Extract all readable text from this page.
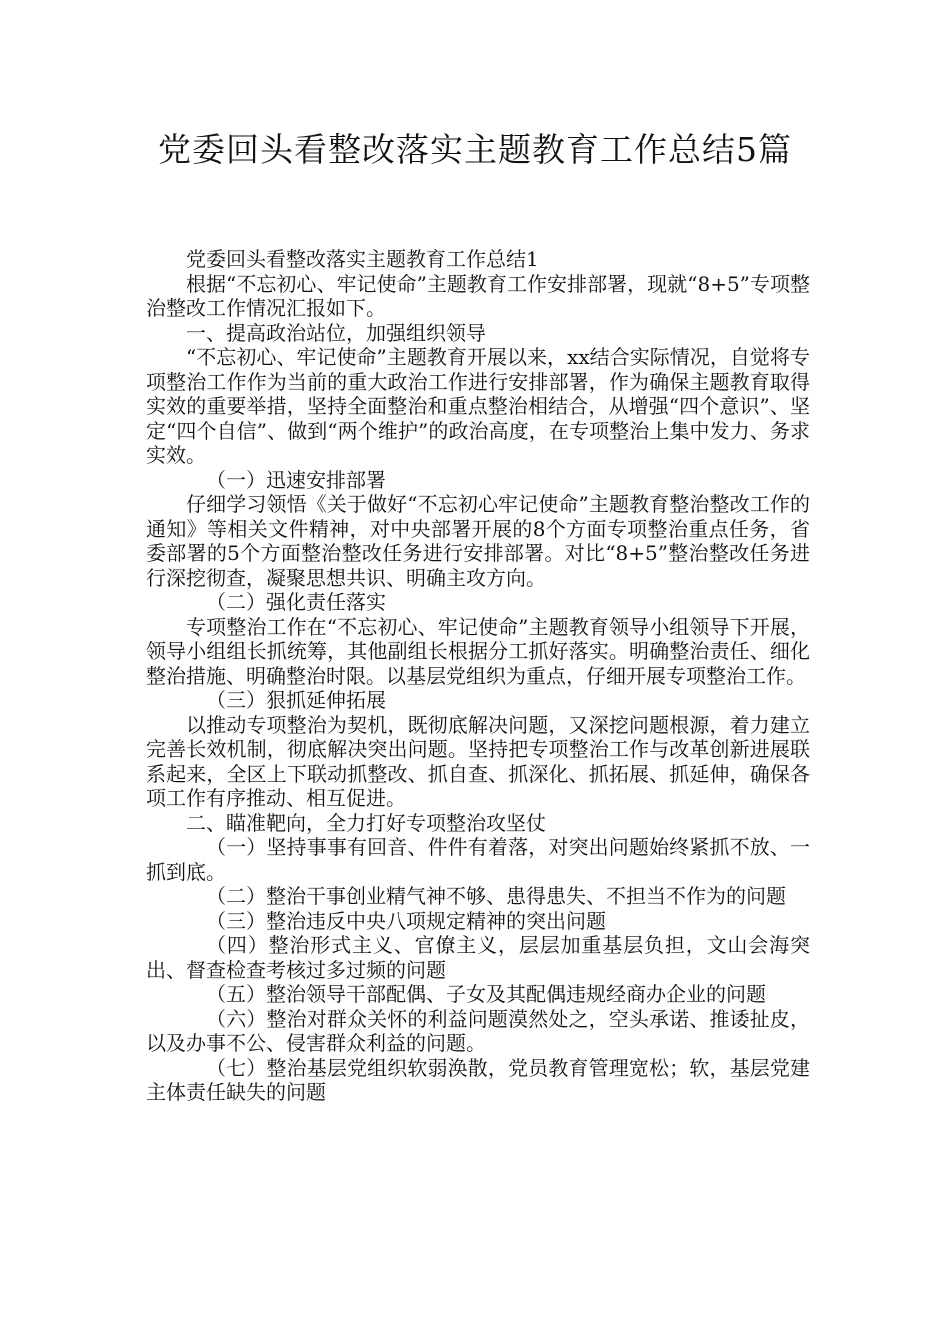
党委回头看整改落实主题教育工作总结5篇

党委回头看整改落实主题教育工作总结1

根据“不忘初心、牢记使命”主题教育工作安排部署，现就“8+5”专项整治整改工作情况汇报如下。

一、提高政治站位，加强组织领导

“不忘初心、牢记使命”主题教育开展以来，xx结合实际情况，自觉将专项整治工作作为当前的重大政治工作进行安排部署，作为确保主题教育取得实效的重要举措，坚持全面整治和重点整治相结合，从增强“四个意识”、坚定“四个自信”、做到“两个维护”的政治高度，在专项整治上集中发力、务求实效。

（一）迅速安排部署

仔细学习领悟《关于做好“不忘初心牢记使命”主题教育整治整改工作的通知》等相关文件精神，对中央部署开展的8个方面专项整治重点任务，省委部署的5个方面整治整改任务进行安排部署。对比“8+5”整治整改任务进行深挖彻查，凝聚思想共识、明确主攻方向。

（二）强化责任落实

专项整治工作在“不忘初心、牢记使命”主题教育领导小组领导下开展，领导小组组长抓统筹，其他副组长根据分工抓好落实。明确整治责任、细化整治措施、明确整治时限。以基层党组织为重点，仔细开展专项整治工作。

（三）狠抓延伸拓展

以推动专项整治为契机，既彻底解决问题，又深挖问题根源，着力建立完善长效机制，彻底解决突出问题。坚持把专项整治工作与改革创新进展联系起来，全区上下联动抓整改、抓自查、抓深化、抓拓展、抓延伸，确保各项工作有序推动、相互促进。

二、瞄准靶向，全力打好专项整治攻坚仗

（一）坚持事事有回音、件件有着落，对突出问题始终紧抓不放、一抓到底。

（二）整治干事创业精气神不够、患得患失、不担当不作为的问题

（三）整治违反中央八项规定精神的突出问题

（四）整治形式主义、官僚主义，层层加重基层负担，文山会海突出、督查检查考核过多过频的问题

（五）整治领导干部配偶、子女及其配偶违规经商办企业的问题

（六）整治对群众关怀的利益问题漠然处之，空头承诺、推诿扯皮，以及办事不公、侵害群众利益的问题。

（七）整治基层党组织软弱涣散，党员教育管理宽松；软，基层党建主体责任缺失的问题
